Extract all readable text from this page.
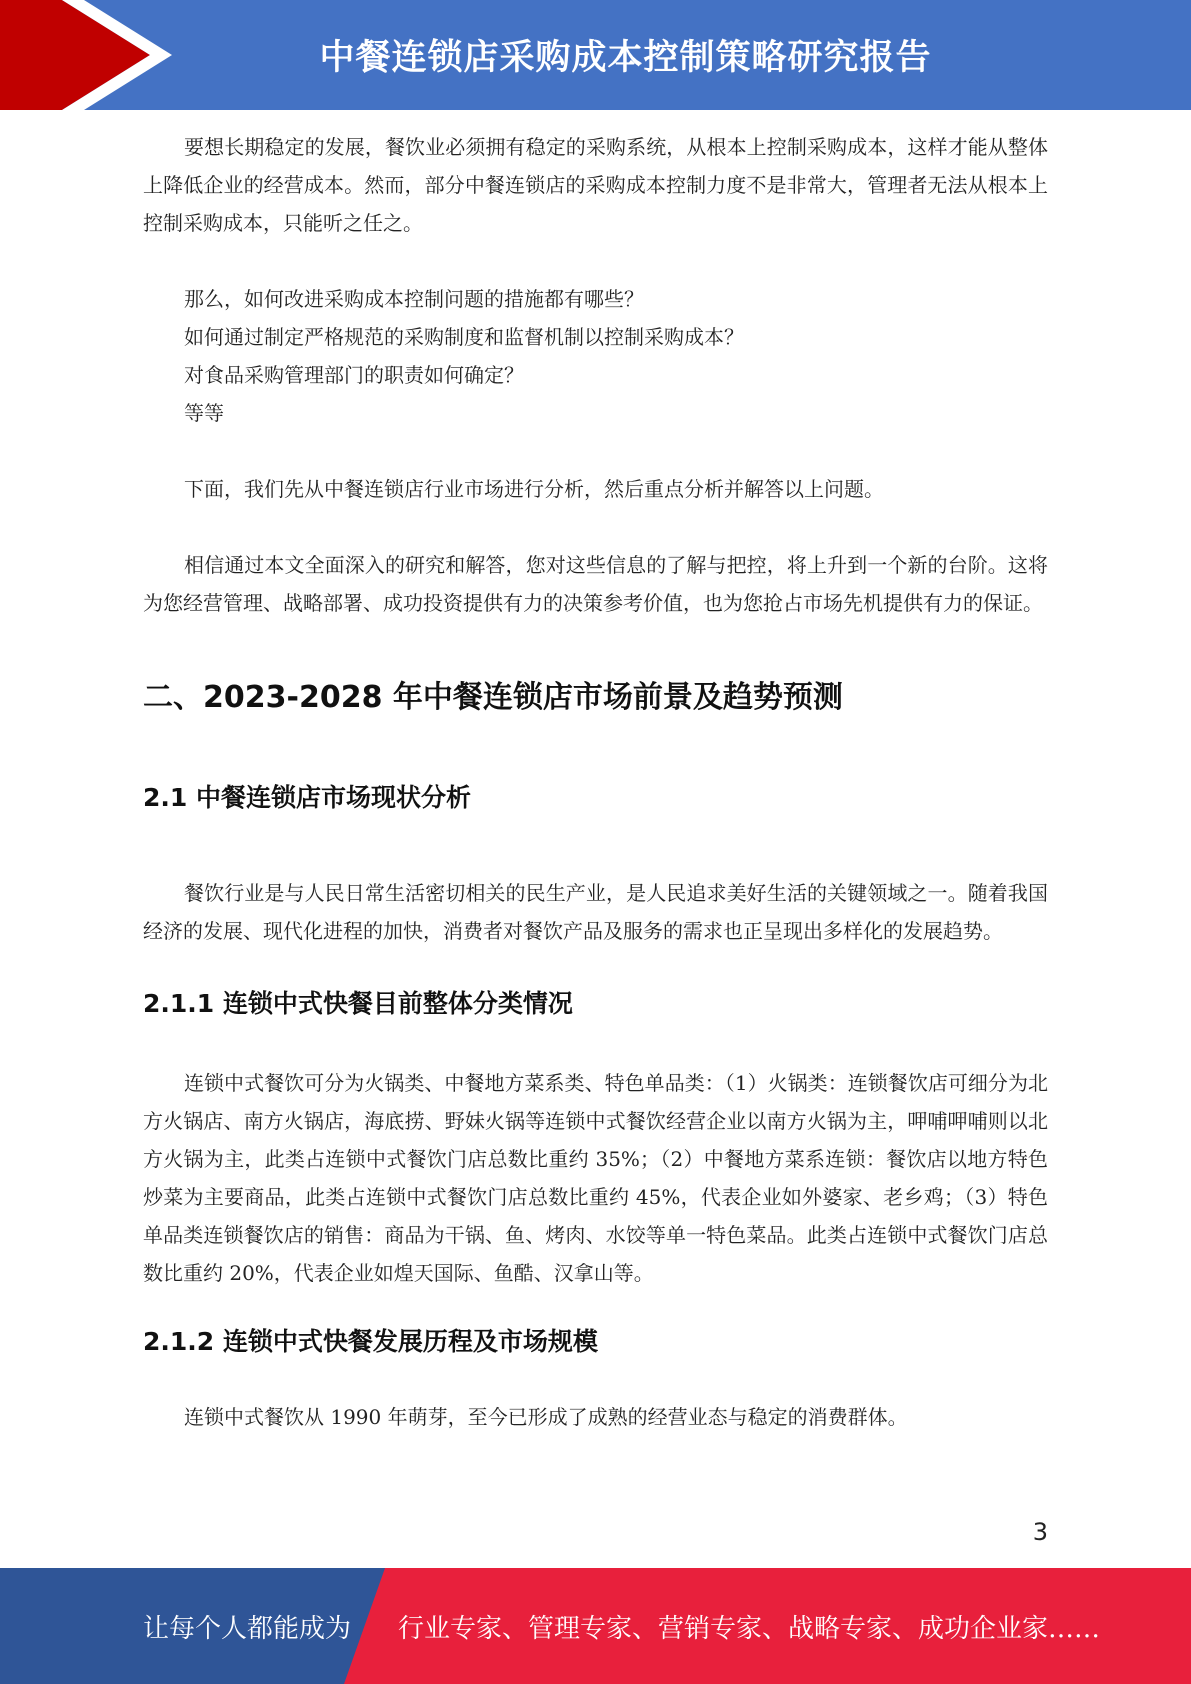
中餐连锁店采购成本控制策略研究报告

要想长期稳定的发展，餐饮业必须拥有稳定的采购系统，从根本上控制采购成本，这样才能从整体上降低企业的经营成本。然而，部分中餐连锁店的采购成本控制力度不是非常大，管理者无法从根本上控制采购成本，只能听之任之。

那么，如何改进采购成本控制问题的措施都有哪些？

如何通过制定严格规范的采购制度和监督机制以控制采购成本？

对食品采购管理部门的职责如何确定？

等等

下面，我们先从中餐连锁店行业市场进行分析，然后重点分析并解答以上问题。

相信通过本文全面深入的研究和解答，您对这些信息的了解与把控，将上升到一个新的台阶。这将为您经营管理、战略部署、成功投资提供有力的决策参考价值，也为您抢占市场先机提供有力的保证。

二、2023-2028 年中餐连锁店市场前景及趋势预测
2.1 中餐连锁店市场现状分析

餐饮行业是与人民日常生活密切相关的民生产业，是人民追求美好生活的关键领域之一。随着我国经济的发展、现代化进程的加快，消费者对餐饮产品及服务的需求也正呈现出多样化的发展趋势。

2.1.1 连锁中式快餐目前整体分类情况

连锁中式餐饮可分为火锅类、中餐地方菜系类、特色单品类：（1）火锅类：连锁餐饮店可细分为北方火锅店、南方火锅店，海底捞、野妹火锅等连锁中式餐饮经营企业以南方火锅为主，呷哺呷哺则以北方火锅为主，此类占连锁中式餐饮门店总数比重约 35%；（2）中餐地方菜系连锁：餐饮店以地方特色炒菜为主要商品，此类占连锁中式餐饮门店总数比重约 45%，代表企业如外婆家、老乡鸡；（3）特色单品类连锁餐饮店的销售：商品为干锅、鱼、烤肉、水饺等单一特色菜品。此类占连锁中式餐饮门店总数比重约 20%，代表企业如煌天国际、鱼酷、汉拿山等。

2.1.2 连锁中式快餐发展历程及市场规模

连锁中式餐饮从 1990 年萌芽，至今已形成了成熟的经营业态与稳定的消费群体。

3
让每个人都能成为 行业专家、管理专家、营销专家、战略专家、成功企业家……
